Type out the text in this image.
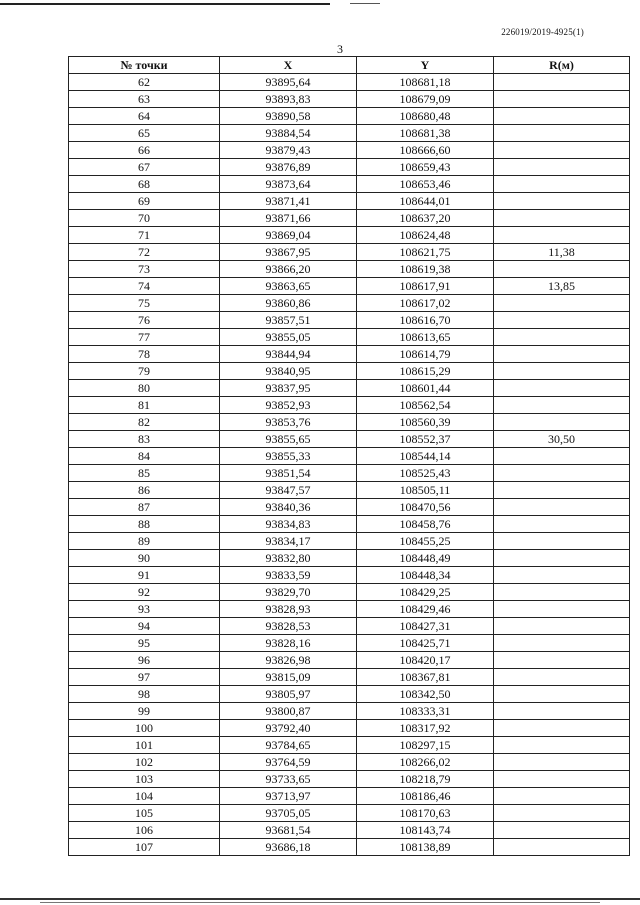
226019/2019-4925(1)
3
№ точки	X	Y	R(м)
62	93895,64	108681,18	
63	93893,83	108679,09	
64	93890,58	108680,48	
65	93884,54	108681,38	
66	93879,43	108666,60	
67	93876,89	108659,43	
68	93873,64	108653,46	
69	93871,41	108644,01	
70	93871,66	108637,20	
71	93869,04	108624,48	
72	93867,95	108621,75	11,38
73	93866,20	108619,38	
74	93863,65	108617,91	13,85
75	93860,86	108617,02	
76	93857,51	108616,70	
77	93855,05	108613,65	
78	93844,94	108614,79	
79	93840,95	108615,29	
80	93837,95	108601,44	
81	93852,93	108562,54	
82	93853,76	108560,39	
83	93855,65	108552,37	30,50
84	93855,33	108544,14	
85	93851,54	108525,43	
86	93847,57	108505,11	
87	93840,36	108470,56	
88	93834,83	108458,76	
89	93834,17	108455,25	
90	93832,80	108448,49	
91	93833,59	108448,34	
92	93829,70	108429,25	
93	93828,93	108429,46	
94	93828,53	108427,31	
95	93828,16	108425,71	
96	93826,98	108420,17	
97	93815,09	108367,81	
98	93805,97	108342,50	
99	93800,87	108333,31	
100	93792,40	108317,92	
101	93784,65	108297,15	
102	93764,59	108266,02	
103	93733,65	108218,79	
104	93713,97	108186,46	
105	93705,05	108170,63	
106	93681,54	108143,74	
107	93686,18	108138,89	
